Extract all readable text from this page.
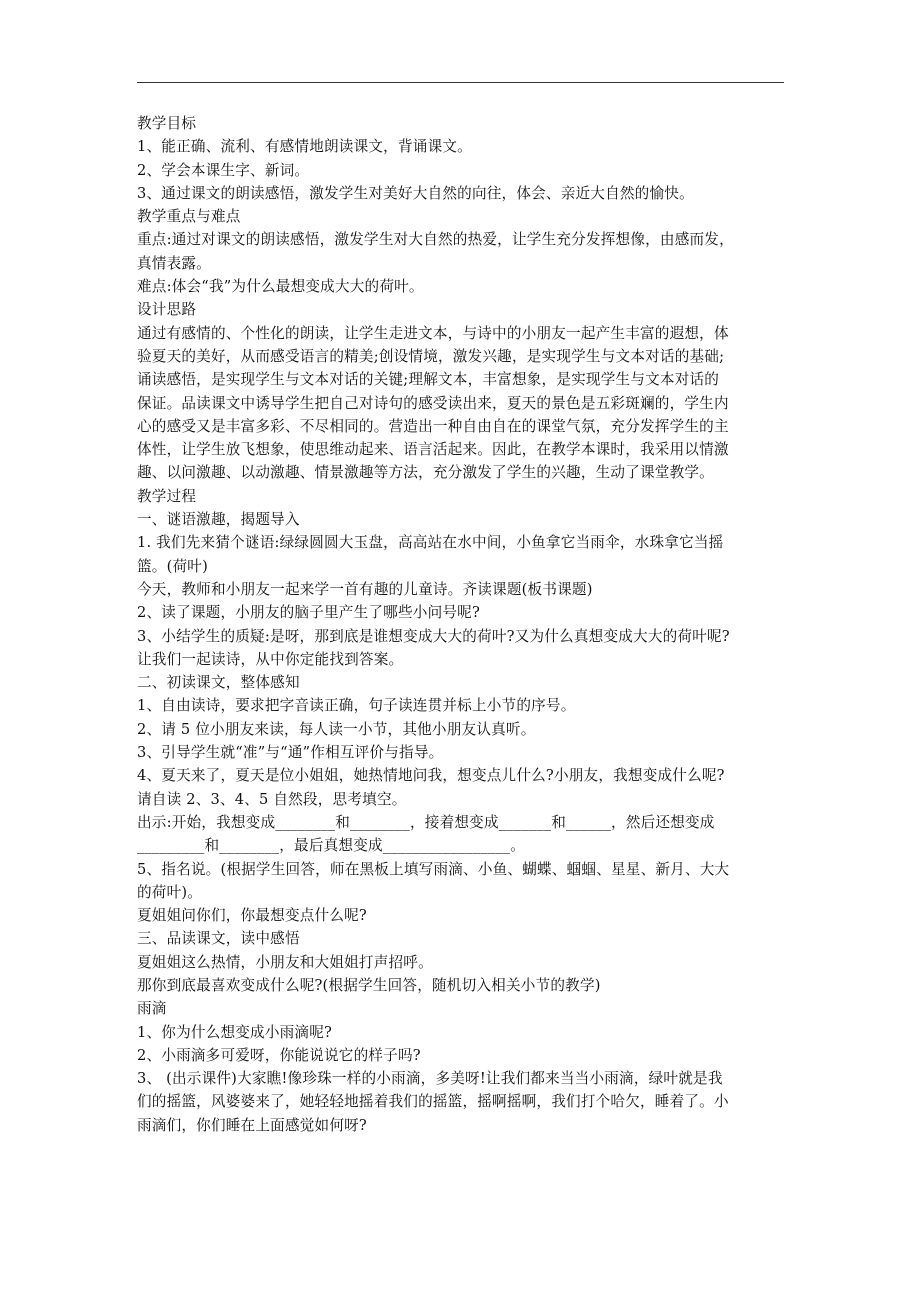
教学目标
1、能正确、流利、有感情地朗读课文，背诵课文。
2、学会本课生字、新词。
3、通过课文的朗读感悟，激发学生对美好大自然的向往，体会、亲近大自然的愉快。
教学重点与难点
重点:通过对课文的朗读感悟，激发学生对大自然的热爱，让学生充分发挥想像，由感而发，
真情表露。
难点:体会“我”为什么最想变成大大的荷叶。
设计思路
通过有感情的、个性化的朗读，让学生走进文本，与诗中的小朋友一起产生丰富的遐想，体
验夏天的美好，从而感受语言的精美;创设情境，激发兴趣，是实现学生与文本对话的基础;
诵读感悟，是实现学生与文本对话的关键;理解文本，丰富想象，是实现学生与文本对话的
保证。品读课文中诱导学生把自己对诗句的感受读出来，夏天的景色是五彩斑斓的，学生内
心的感受又是丰富多彩、不尽相同的。营造出一种自由自在的课堂气氛，充分发挥学生的主
体性，让学生放飞想象，使思维动起来、语言活起来。因此，在教学本课时，我采用以情激
趣、以问激趣、以动激趣、情景激趣等方法，充分激发了学生的兴趣，生动了课堂教学。
教学过程
一、谜语激趣，揭题导入
1. 我们先来猜个谜语:绿绿圆圆大玉盘，高高站在水中间，小鱼拿它当雨伞，水珠拿它当摇
篮。(荷叶)
今天，教师和小朋友一起来学一首有趣的儿童诗。齐读课题(板书课题)
2、读了课题，小朋友的脑子里产生了哪些小问号呢?
3、小结学生的质疑:是呀，那到底是谁想变成大大的荷叶?又为什么真想变成大大的荷叶呢?
让我们一起读诗，从中你定能找到答案。
二、初读课文，整体感知
1、自由读诗，要求把字音读正确，句子读连贯并标上小节的序号。
2、请 5 位小朋友来读，每人读一小节，其他小朋友认真听。
3、引导学生就“准”与“通”作相互评价与指导。
4、夏天来了，夏天是位小姐姐，她热情地问我，想变点儿什么?小朋友，我想变成什么呢?
请自读 2、3、4、5 自然段，思考填空。
出示:开始，我想变成________和________，接着想变成_______和______，然后还想变成
_________和________，最后真想变成_________________。
5、指名说。(根据学生回答，师在黑板上填写雨滴、小鱼、蝴蝶、蝈蝈、星星、新月、大大
的荷叶)。
夏姐姐问你们，你最想变点什么呢?
三、品读课文，读中感悟
夏姐姐这么热情，小朋友和大姐姐打声招呼。
那你到底最喜欢变成什么呢?(根据学生回答，随机切入相关小节的教学)
雨滴
1、你为什么想变成小雨滴呢?
2、小雨滴多可爱呀，你能说说它的样子吗?
3、 (出示课件)大家瞧!像珍珠一样的小雨滴，多美呀!让我们都来当当小雨滴，绿叶就是我
们的摇篮，风婆婆来了，她轻轻地摇着我们的摇篮，摇啊摇啊，我们打个哈欠，睡着了。小
雨滴们，你们睡在上面感觉如何呀?
